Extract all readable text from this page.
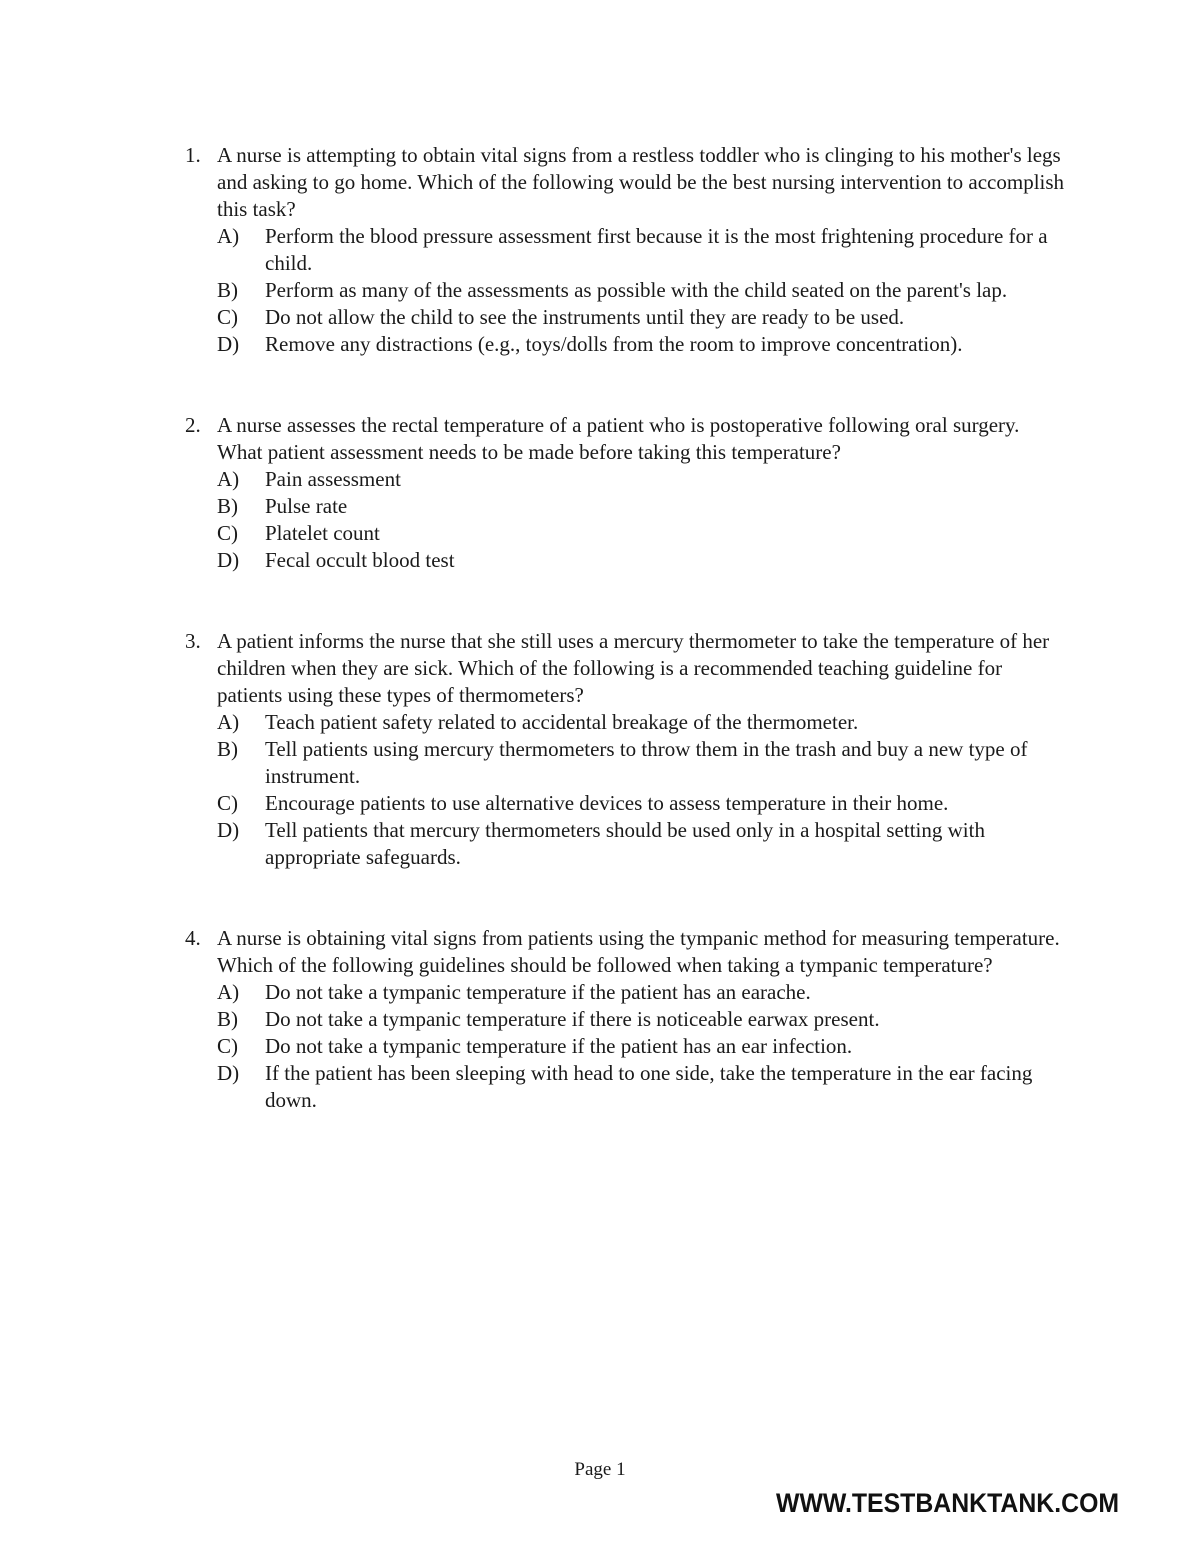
1. A nurse is attempting to obtain vital signs from a restless toddler who is clinging to his mother's legs and asking to go home. Which of the following would be the best nursing intervention to accomplish this task?
A) Perform the blood pressure assessment first because it is the most frightening procedure for a child.
B) Perform as many of the assessments as possible with the child seated on the parent's lap.
C) Do not allow the child to see the instruments until they are ready to be used.
D) Remove any distractions (e.g., toys/dolls from the room to improve concentration).
2. A nurse assesses the rectal temperature of a patient who is postoperative following oral surgery. What patient assessment needs to be made before taking this temperature?
A) Pain assessment
B) Pulse rate
C) Platelet count
D) Fecal occult blood test
3. A patient informs the nurse that she still uses a mercury thermometer to take the temperature of her children when they are sick. Which of the following is a recommended teaching guideline for patients using these types of thermometers?
A) Teach patient safety related to accidental breakage of the thermometer.
B) Tell patients using mercury thermometers to throw them in the trash and buy a new type of instrument.
C) Encourage patients to use alternative devices to assess temperature in their home.
D) Tell patients that mercury thermometers should be used only in a hospital setting with appropriate safeguards.
4. A nurse is obtaining vital signs from patients using the tympanic method for measuring temperature. Which of the following guidelines should be followed when taking a tympanic temperature?
A) Do not take a tympanic temperature if the patient has an earache.
B) Do not take a tympanic temperature if there is noticeable earwax present.
C) Do not take a tympanic temperature if the patient has an ear infection.
D) If the patient has been sleeping with head to one side, take the temperature in the ear facing down.
Page 1
WWW.TESTBANKTANK.COM
